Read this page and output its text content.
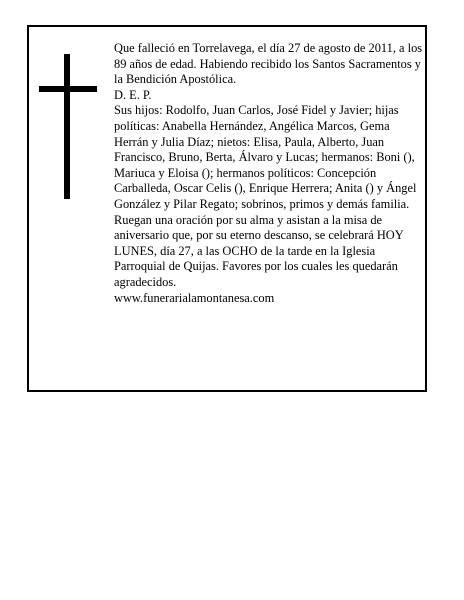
Que falleció en Torrelavega, el día 27 de agosto de 2011, a los 89 años de edad. Habiendo recibido los Santos Sacramentos y la Bendición Apostólica.

D. E. P.

Sus hijos: Rodolfo, Juan Carlos, José Fidel y Javier; hijas políticas: Anabella Hernández, Angélica Marcos, Gema Herrán y Julia Díaz; nietos: Elisa, Paula, Alberto, Juan Francisco, Bruno, Berta, Álvaro y Lucas; hermanos: Boni (), Mariuca y Eloisa (); hermanos políticos: Concepción Carballeda, Oscar Celis (), Enrique Herrera; Anita () y Ángel González y Pilar Regato; sobrinos, primos y demás familia.

Ruegan una oración por su alma y asistan a la misa de aniversario que, por su eterno descanso, se celebrará HOY LUNES, día 27, a las OCHO de la tarde en la Iglesia Parroquial de Quijas. Favores por los cuales les quedarán agradecidos.

www.funerarialamontanesa.com
